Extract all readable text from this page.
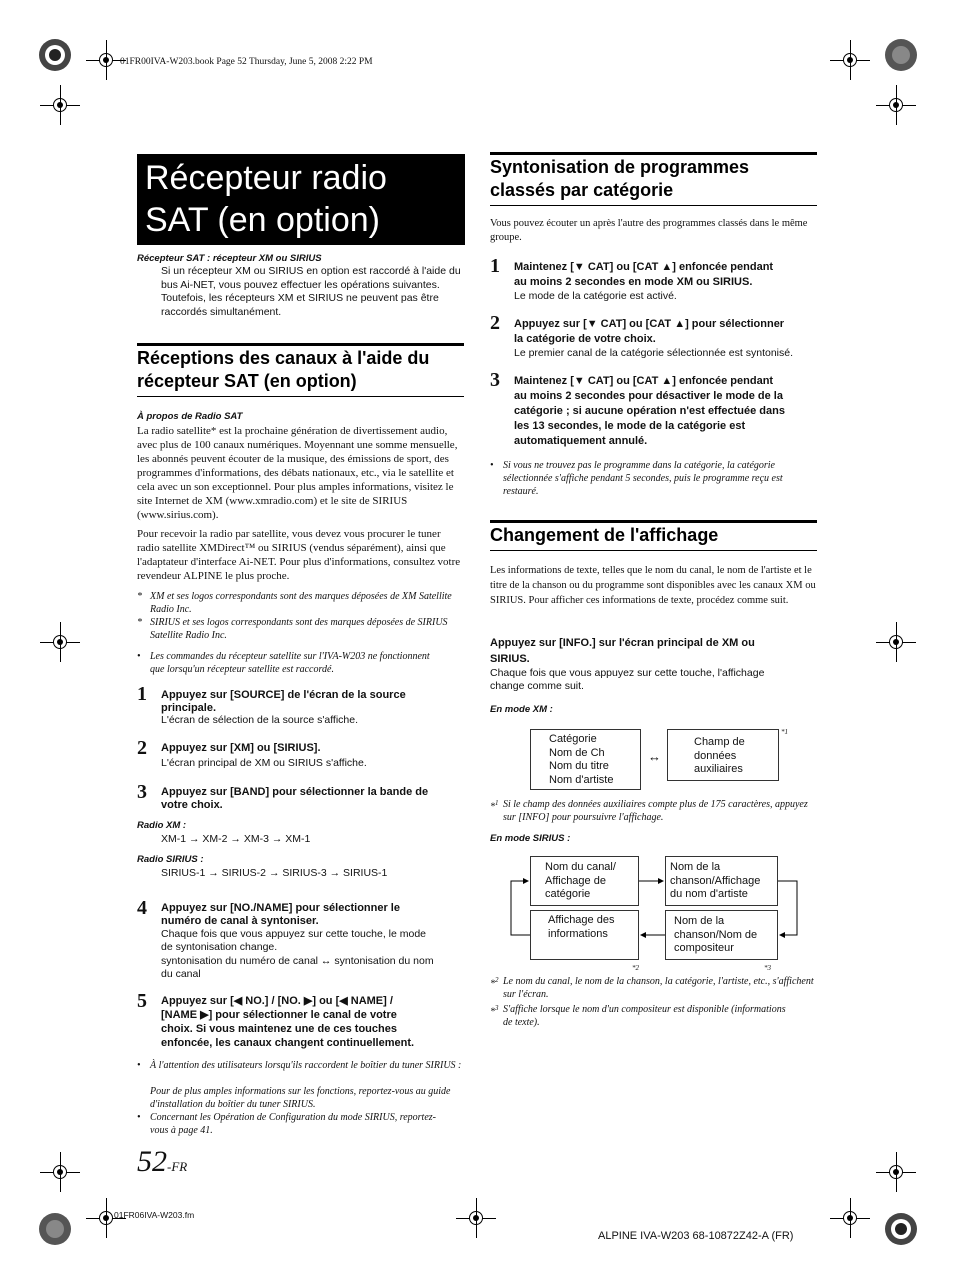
01FR00IVA-W203.book Page 52 Thursday, June 5, 2008 2:22 PM
Récepteur radio SAT (en option)
Récepteur SAT : récepteur XM ou SIRIUS
Si un récepteur XM ou SIRIUS en option est raccordé à l'aide du bus Ai-NET, vous pouvez effectuer les opérations suivantes. Toutefois, les récepteurs XM et SIRIUS ne peuvent pas être raccordés simultanément.
Réceptions des canaux à l'aide du récepteur SAT (en option)
À propos de Radio SAT
La radio satellite* est la prochaine génération de divertissement audio, avec plus de 100 canaux numériques. Moyennant une somme mensuelle, les abonnés peuvent écouter de la musique, des émissions de sport, des programmes d'informations, des débats nationaux, etc., via le satellite et cela avec un son exceptionnel. Pour plus amples informations, visitez le site Internet de XM (www.xmradio.com) et le site de SIRIUS (www.sirius.com).
Pour recevoir la radio par satellite, vous devez vous procurer le tuner radio satellite XMDirect™ ou SIRIUS (vendus séparément), ainsi que l'adaptateur d'interface Ai-NET. Pour plus d'informations, consultez votre revendeur ALPINE le plus proche.
* XM et ses logos correspondants sont des marques déposées de XM Satellite Radio Inc.
* SIRIUS et ses logos correspondants sont des marques déposées de SIRIUS Satellite Radio Inc.
• Les commandes du récepteur satellite sur l'IVA-W203 ne fonctionnent que lorsqu'un récepteur satellite est raccordé.
1 Appuyez sur [SOURCE] de l'écran de la source
principale.
L'écran de sélection de la source s'affiche.
2 Appuyez sur [XM] ou [SIRIUS].
L'écran principal de XM ou SIRIUS s'affiche.
3 Appuyez sur [BAND] pour sélectionner la bande de
votre choix.
Radio XM :
XM-1 → XM-2 → XM-3 → XM-1
Radio SIRIUS :
SIRIUS-1 → SIRIUS-2 → SIRIUS-3 → SIRIUS-1
4 Appuyez sur [NO./NAME] pour sélectionner le
numéro de canal à syntoniser.
Chaque fois que vous appuyez sur cette touche, le mode
de syntonisation change.
syntonisation du numéro de canal ↔ syntonisation du nom
du canal
5 Appuyez sur [◀ NO.] / [NO. ▶] ou [◀ NAME] /
[NAME ▶] pour sélectionner le canal de votre
choix. Si vous maintenez une de ces touches
enfoncée, les canaux changent continuellement.
• À l'attention des utilisateurs lorsqu'ils raccordent le boîtier du tuner SIRIUS :
Pour de plus amples informations sur les fonctions, reportez-vous au guide d'installation du boîtier du tuner SIRIUS.
• Concernant les Opération de Configuration du mode SIRIUS, reportez-vous à page 41.
Syntonisation de programmes classés par catégorie
Vous pouvez écouter un après l'autre des programmes classés dans le même groupe.
1 Maintenez [▼ CAT] ou [CAT ▲] enfoncée pendant
au moins 2 secondes en mode XM ou SIRIUS.
Le mode de la catégorie est activé.
2 Appuyez sur [▼ CAT] ou [CAT ▲] pour sélectionner
la catégorie de votre choix.
Le premier canal de la catégorie sélectionnée est syntonisé.
3 Maintenez [▼ CAT] ou [CAT ▲] enfoncée pendant
au moins 2 secondes pour désactiver le mode de la
catégorie ; si aucune opération n'est effectuée dans
les 13 secondes, le mode de la catégorie est
automatiquement annulé.
• Si vous ne trouvez pas le programme dans la catégorie, la catégorie sélectionnée s'affiche pendant 5 secondes, puis le programme reçu est restauré.
Changement de l'affichage
Les informations de texte, telles que le nom du canal, le nom de l'artiste et le titre de la chanson ou du programme sont disponibles avec les canaux XM ou SIRIUS. Pour afficher ces informations de texte, procédez comme suit.
Appuyez sur [INFO.] sur l'écran principal de XM ou
SIRIUS.
Chaque fois que vous appuyez sur cette touche, l'affichage change comme suit.
En mode XM :
Catégorie
Nom de Ch
Nom du titre
Nom d'artiste
↔
Champ de
données
auxiliaires
*1
*$^1$ Si le champ des données auxiliaires compte plus de 175 caractères, appuyez sur [INFO] pour poursuivre l'affichage.
En mode SIRIUS :
Nom du canal/
Affichage de
catégorie
Nom de la
chanson/Affichage
du nom d'artiste
Affichage des
informations
Nom de la
chanson/Nom de
compositeur
*2	*3
*$^2$ Le nom du canal, le nom de la chanson, la catégorie, l'artiste, etc., s'affichent sur l'écran.
*$^3$ S'affiche lorsque le nom d'un compositeur est disponible (informations de texte).
52-FR
01FR06IVA-W203.fm
ALPINE IVA-W203 68-10872Z42-A (FR)
